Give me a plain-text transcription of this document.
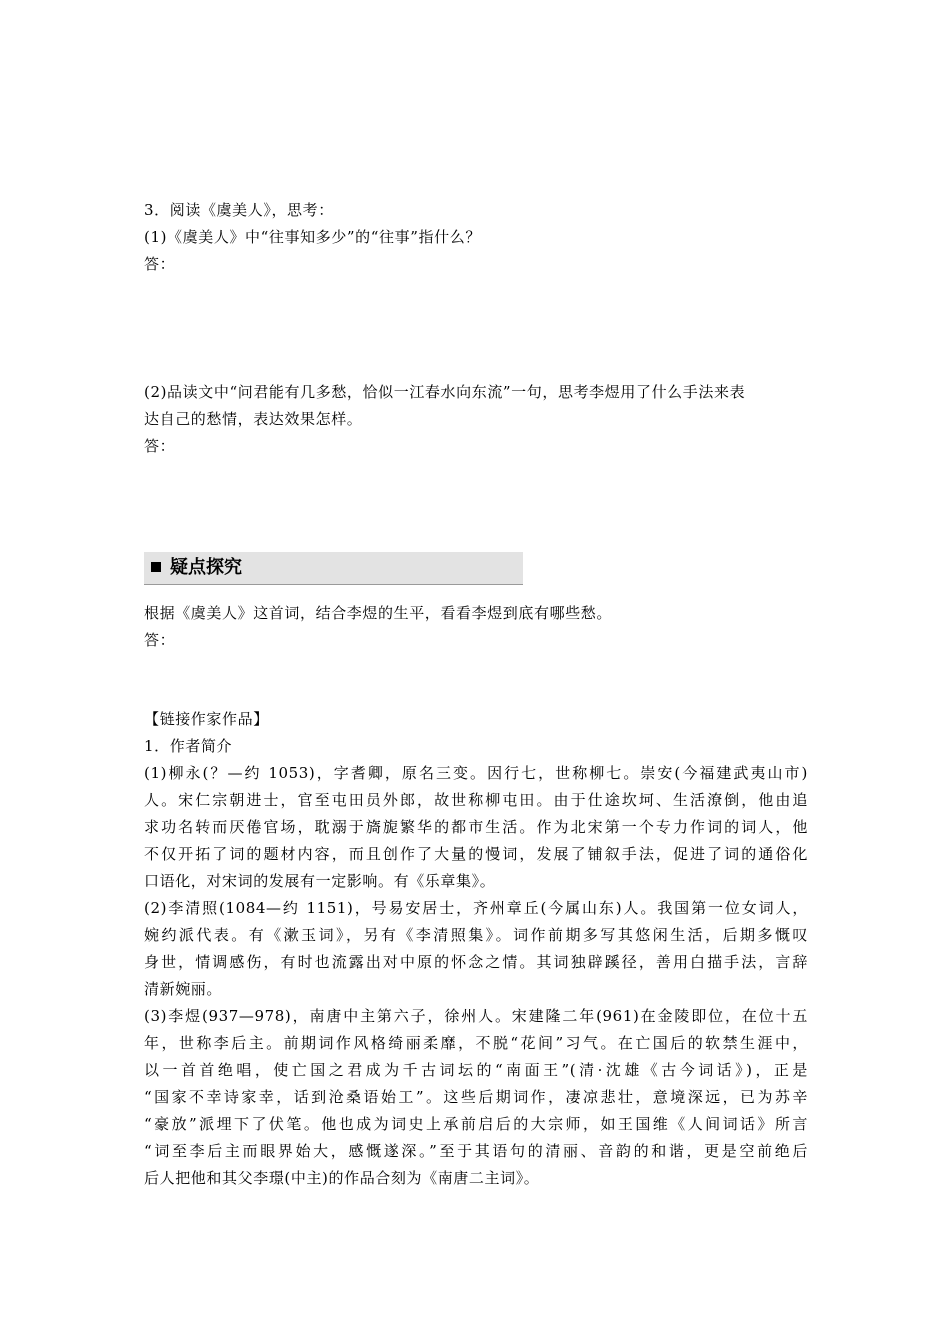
3．阅读《虞美人》，思考：
(1)《虞美人》中“往事知多少”的“往事”指什么？
答：
(2)品读文中“问君能有几多愁，恰似一江春水向东流”一句，思考李煜用了什么手法来表
达自己的愁情，表达效果怎样。
答：
疑点探究
根据《虞美人》这首词，结合李煜的生平，看看李煜到底有哪些愁。
答：
【链接作家作品】
1．作者简介
(1)柳永(？—约 1053)，字耆卿，原名三变。因行七，世称柳七。崇安(今福建武夷山市)
人。宋仁宗朝进士，官至屯田员外郎，故世称柳屯田。由于仕途坎坷、生活潦倒，他由追
求功名转而厌倦官场，耽溺于旖旎繁华的都市生活。作为北宋第一个专力作词的词人，他
不仅开拓了词的题材内容，而且创作了大量的慢词，发展了铺叙手法，促进了词的通俗化
口语化，对宋词的发展有一定影响。有《乐章集》。
(2)李清照(1084—约 1151)，号易安居士，齐州章丘(今属山东)人。我国第一位女词人，
婉约派代表。有《漱玉词》，另有《李清照集》。词作前期多写其悠闲生活，后期多慨叹
身世，情调感伤，有时也流露出对中原的怀念之情。其词独辟蹊径，善用白描手法，言辞
清新婉丽。
(3)李煜(937—978)，南唐中主第六子，徐州人。宋建隆二年(961)在金陵即位，在位十五
年，世称李后主。前期词作风格绮丽柔靡，不脱“花间”习气。在亡国后的软禁生涯中，
以一首首绝唱，使亡国之君成为千古词坛的“南面王”(清·沈雄《古今词话》)，正是
“国家不幸诗家幸，话到沧桑语始工”。这些后期词作，凄凉悲壮，意境深远，已为苏辛
“豪放”派埋下了伏笔。他也成为词史上承前启后的大宗师，如王国维《人间词话》所言
“词至李后主而眼界始大，感慨遂深。”至于其语句的清丽、音韵的和谐，更是空前绝后
后人把他和其父李璟(中主)的作品合刻为《南唐二主词》。
